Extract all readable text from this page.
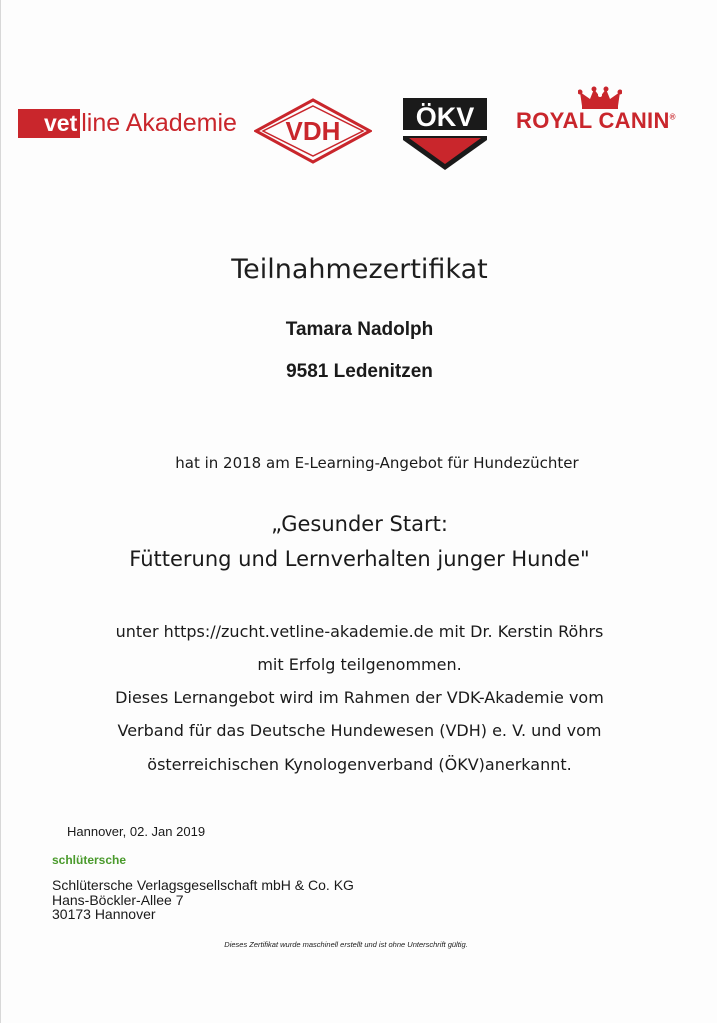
vet line Akademie VDH	ÖKV ROYAL CANIN®
Teilnahmezertifikat
Tamara Nadolph
9581 Ledenitzen
hat in 2018 am E-Learning-Angebot für Hundezüchter
„Gesunder Start:
Fütterung und Lernverhalten junger Hunde"
unter https://zucht.vetline-akademie.de mit Dr. Kerstin Röhrs
mit Erfolg teilgenommen.
Dieses Lernangebot wird im Rahmen der VDK-Akademie vom
Verband für das Deutsche Hundewesen (VDH) e. V. und vom
österreichischen Kynologenverband (ÖKV)anerkannt.
Hannover, 02. Jan 2019
schlütersche
Schlütersche Verlagsgesellschaft mbH & Co. KG
Hans-Böckler-Allee 7
30173 Hannover
Dieses Zertifikat wurde maschinell erstellt und ist ohne Unterschrift gültig.
